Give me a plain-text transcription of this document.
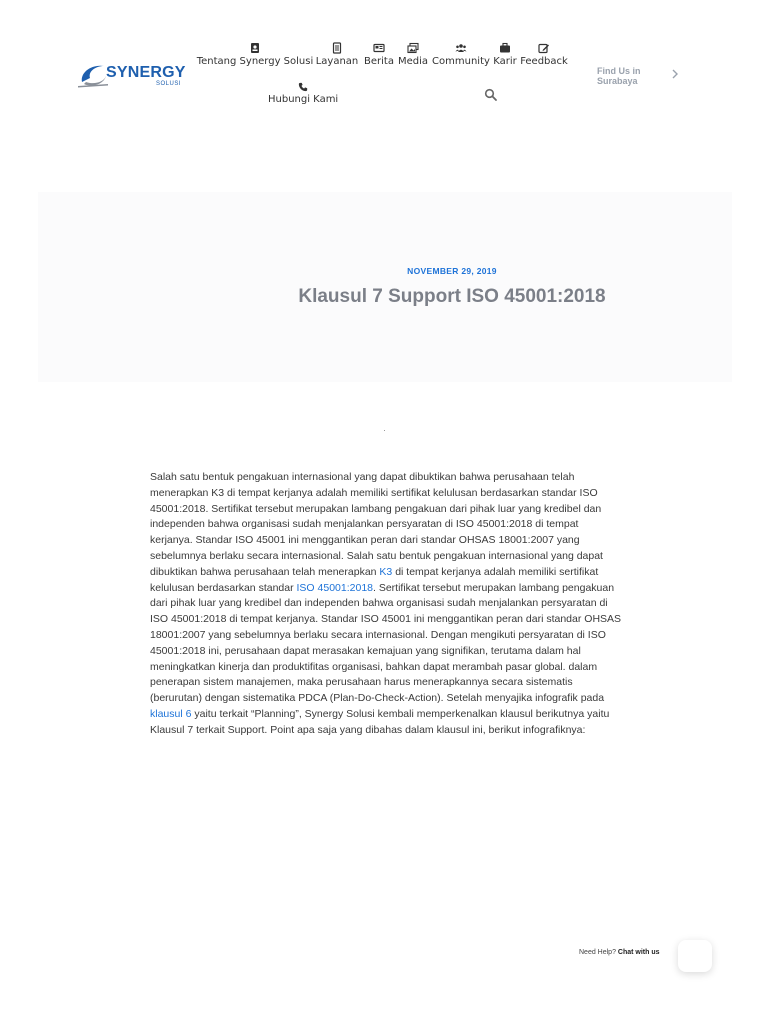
SYNERGY
SOLUSI
Tentang Synergy Solusi Layanan Berita Media Community Karir Feedback
Hubungi Kami
Find Us in
Surabaya
NOVEMBER 29, 2019
Klausul 7 Support ISO 45001:2018
Salah satu bentuk pengakuan internasional yang dapat dibuktikan bahwa perusahaan telah menerapkan K3 di tempat kerjanya adalah memiliki sertifikat kelulusan berdasarkan standar ISO 45001:2018. Sertifikat tersebut merupakan lambang pengakuan dari pihak luar yang kredibel dan independen bahwa organisasi sudah menjalankan persyaratan di ISO 45001:2018 di tempat kerjanya. Standar ISO 45001 ini menggantikan peran dari standar OHSAS 18001:2007 yang sebelumnya berlaku secara internasional. Salah satu bentuk pengakuan internasional yang dapat dibuktikan bahwa perusahaan telah menerapkan K3 di tempat kerjanya adalah memiliki sertifikat kelulusan berdasarkan standar ISO 45001:2018. Sertifikat tersebut merupakan lambang pengakuan dari pihak luar yang kredibel dan independen bahwa organisasi sudah menjalankan persyaratan di ISO 45001:2018 di tempat kerjanya. Standar ISO 45001 ini menggantikan peran dari standar OHSAS 18001:2007 yang sebelumnya berlaku secara internasional. Dengan mengikuti persyaratan di ISO 45001:2018 ini, perusahaan dapat merasakan kemajuan yang signifikan, terutama dalam hal meningkatkan kinerja dan produktifitas organisasi, bahkan dapat merambah pasar global. dalam penerapan sistem manajemen, maka perusahaan harus menerapkannya secara sistematis (berurutan) dengan sistematika PDCA (Plan-Do-Check-Action). Setelah menyajika infografik pada klausul 6 yaitu terkait “Planning”, Synergy Solusi kembali memperkenalkan klausul berikutnya yaitu Klausul 7 terkait Support. Point apa saja yang dibahas dalam klausul ini, berikut infografiknya:
Need Help? Chat with us
